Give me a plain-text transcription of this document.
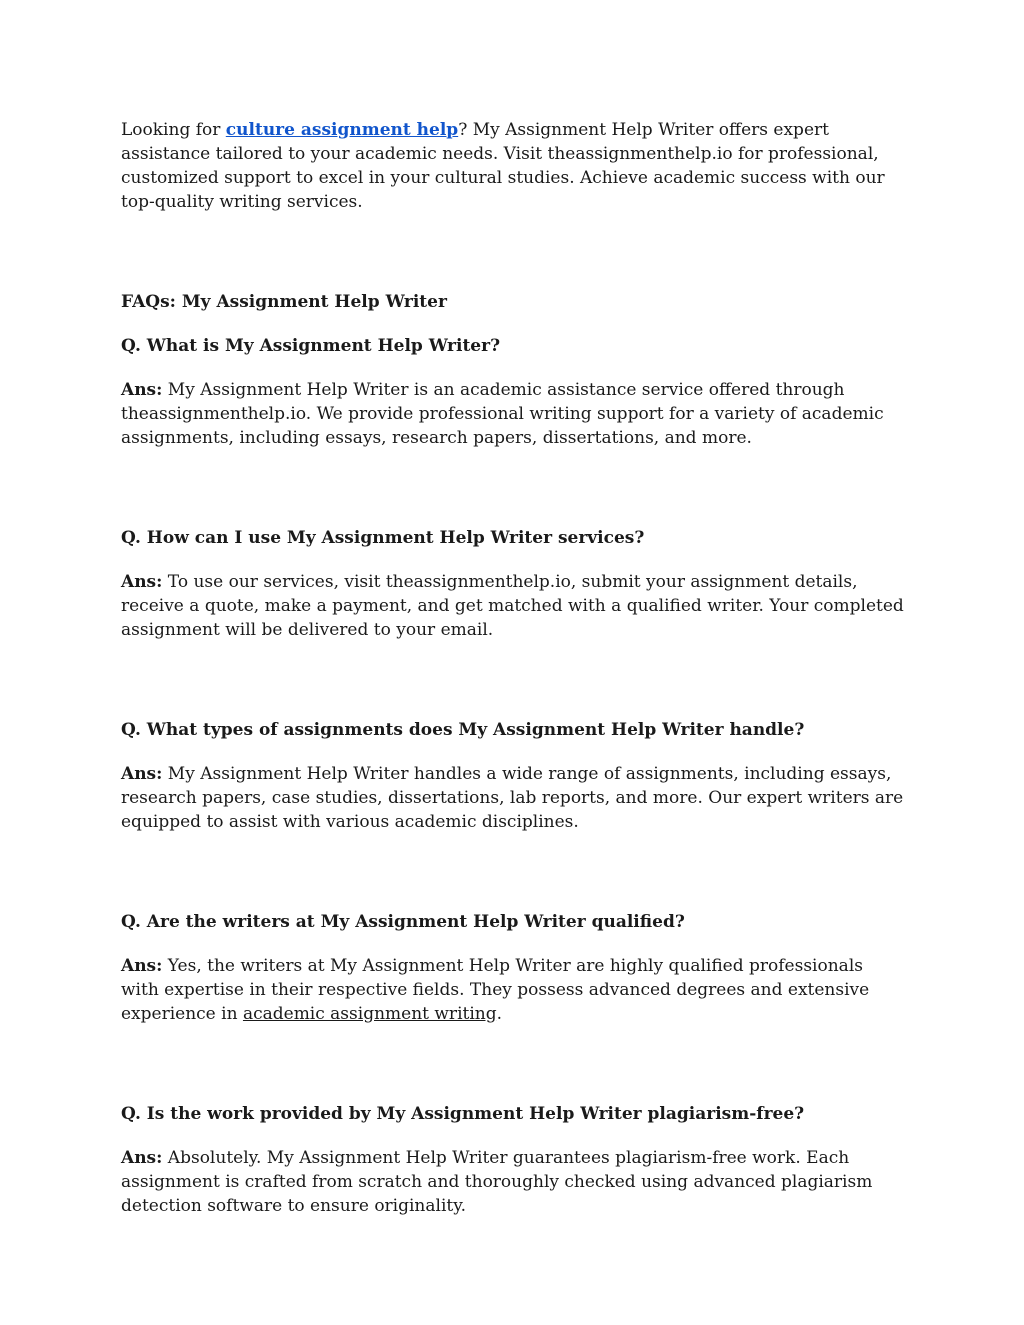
Looking for culture assignment help? My Assignment Help Writer offers expert assistance tailored to your academic needs. Visit theassignmenthelp.io for professional, customized support to excel in your cultural studies. Achieve academic success with our top-quality writing services.

FAQs: My Assignment Help Writer

Q. What is My Assignment Help Writer?

Ans: My Assignment Help Writer is an academic assistance service offered through theassignmenthelp.io. We provide professional writing support for a variety of academic assignments, including essays, research papers, dissertations, and more.

Q. How can I use My Assignment Help Writer services?

Ans: To use our services, visit theassignmenthelp.io, submit your assignment details, receive a quote, make a payment, and get matched with a qualified writer. Your completed assignment will be delivered to your email.

Q. What types of assignments does My Assignment Help Writer handle?

Ans: My Assignment Help Writer handles a wide range of assignments, including essays, research papers, case studies, dissertations, lab reports, and more. Our expert writers are equipped to assist with various academic disciplines.

Q. Are the writers at My Assignment Help Writer qualified?

Ans: Yes, the writers at My Assignment Help Writer are highly qualified professionals with expertise in their respective fields. They possess advanced degrees and extensive experience in academic assignment writing.

Q. Is the work provided by My Assignment Help Writer plagiarism-free?

Ans: Absolutely. My Assignment Help Writer guarantees plagiarism-free work. Each assignment is crafted from scratch and thoroughly checked using advanced plagiarism detection software to ensure originality.
